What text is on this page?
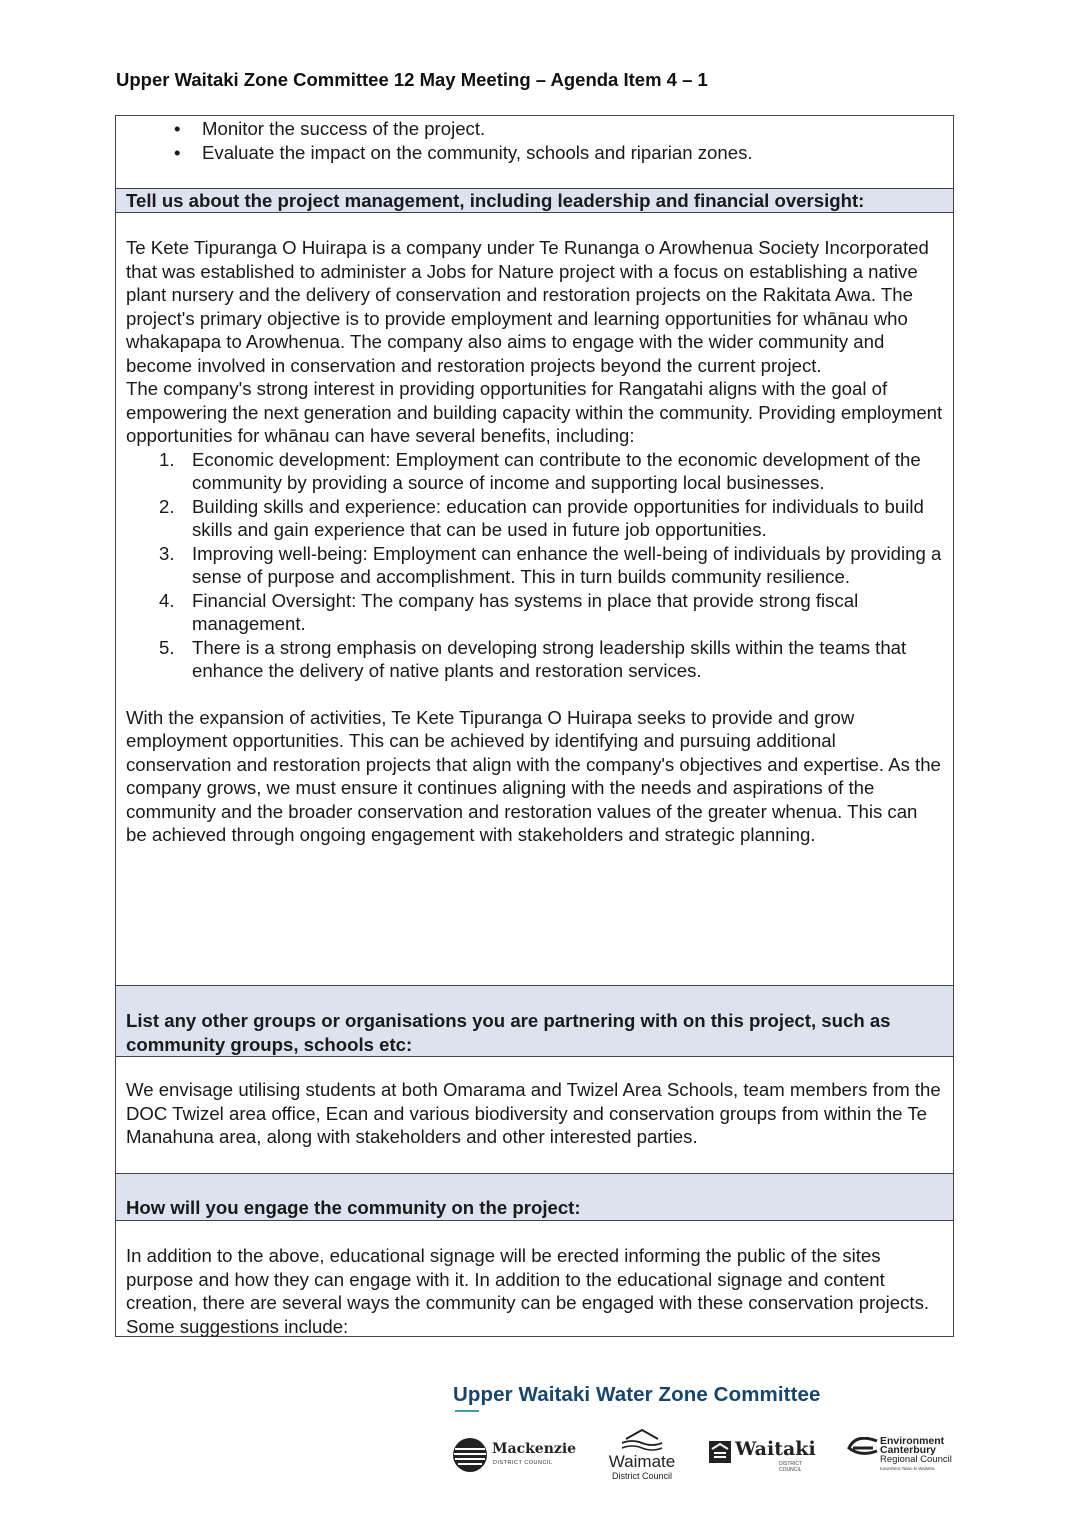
Upper Waitaki Zone Committee 12 May Meeting – Agenda Item 4 – 1
• Monitor the success of the project.
• Evaluate the impact on the community, schools and riparian zones.
Tell us about the project management, including leadership and financial oversight:

Te Kete Tipuranga O Huirapa is a company under Te Runanga o Arowhenua Society Incorporated that was established to administer a Jobs for Nature project with a focus on establishing a native plant nursery and the delivery of conservation and restoration projects on the Rakitata Awa. The project's primary objective is to provide employment and learning opportunities for whānau who whakapapa to Arowhenua. The company also aims to engage with the wider community and become involved in conservation and restoration projects beyond the current project.

The company's strong interest in providing opportunities for Rangatahi aligns with the goal of empowering the next generation and building capacity within the community. Providing employment opportunities for whānau can have several benefits, including:

1. Economic development: Employment can contribute to the economic development of the community by providing a source of income and supporting local businesses.
2. Building skills and experience: education can provide opportunities for individuals to build skills and gain experience that can be used in future job opportunities.
3. Improving well-being: Employment can enhance the well-being of individuals by providing a sense of purpose and accomplishment. This in turn builds community resilience.
4. Financial Oversight: The company has systems in place that provide strong fiscal management.
5. There is a strong emphasis on developing strong leadership skills within the teams that enhance the delivery of native plants and restoration services.

With the expansion of activities, Te Kete Tipuranga O Huirapa seeks to provide and grow employment opportunities. This can be achieved by identifying and pursuing additional conservation and restoration projects that align with the company's objectives and expertise. As the company grows, we must ensure it continues aligning with the needs and aspirations of the community and the broader conservation and restoration values of the greater whenua. This can be achieved through ongoing engagement with stakeholders and strategic planning.

List any other groups or organisations you are partnering with on this project, such as community groups, schools etc:

We envisage utilising students at both Omarama and Twizel Area Schools, team members from the DOC Twizel area office, Ecan and various biodiversity and conservation groups from within the Te Manahuna area, along with stakeholders and other interested parties.

How will you engage the community on the project:

In addition to the above, educational signage will be erected informing the public of the sites purpose and how they can engage with it. In addition to the educational signage and content creation, there are several ways the community can be engaged with these conservation projects. Some suggestions include:

Upper Waitaki Water Zone Committee
Mackenzie
DISTRICT COUNCIL	Waimate
District Council
Waitaki
DISTRICT COUNCIL
Environment
Canterbury
Regional Council
Kaunihera Taiao ki Waitaha
